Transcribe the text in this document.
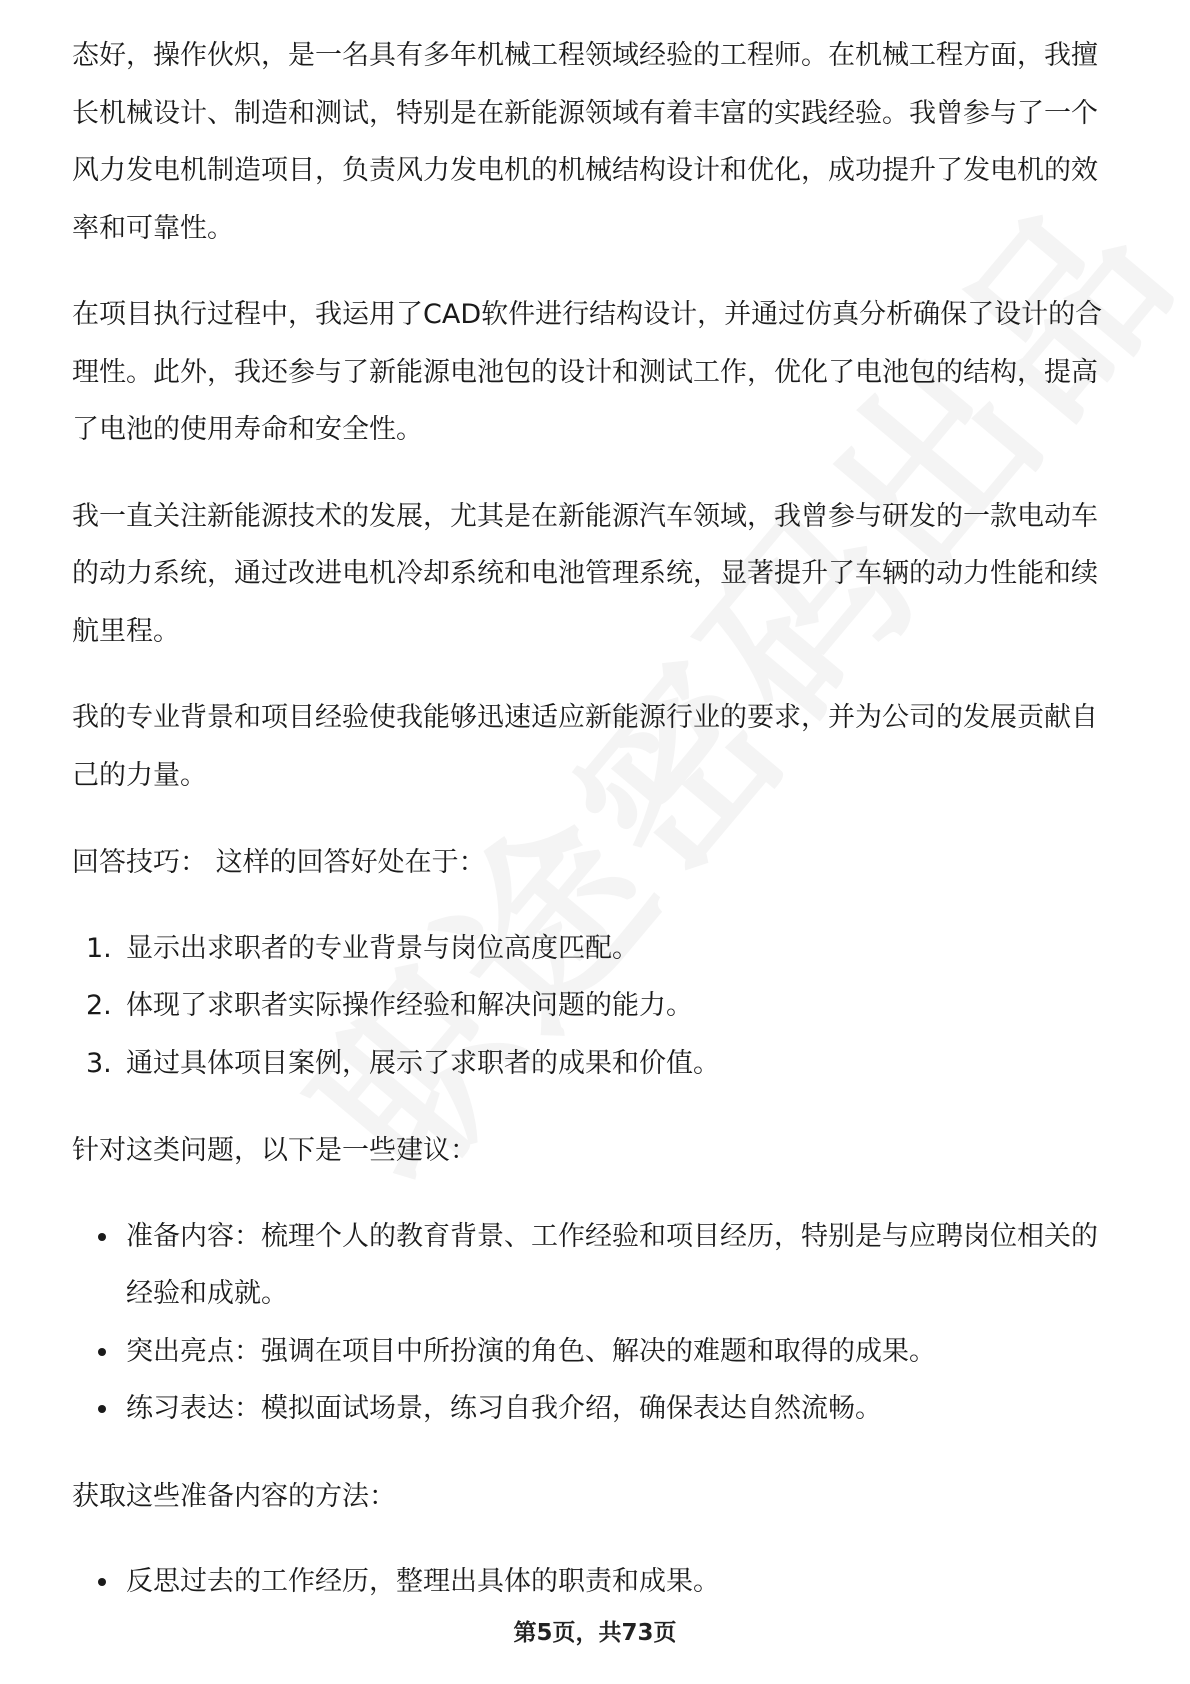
态好，操作伙炽，是一名具有多年机械工程领域经验的工程师。在机械工程方面，我擅长机械设计、制造和测试，特别是在新能源领域有着丰富的实践经验。我曾参与了一个风力发电机制造项目，负责风力发电机的机械结构设计和优化，成功提升了发电机的效率和可靠性。

在项目执行过程中，我运用了CAD软件进行结构设计，并通过仿真分析确保了设计的合理性。此外，我还参与了新能源电池包的设计和测试工作，优化了电池包的结构，提高了电池的使用寿命和安全性。

我一直关注新能源技术的发展，尤其是在新能源汽车领域，我曾参与研发的一款电动车的动力系统，通过改进电机冷却系统和电池管理系统，显著提升了车辆的动力性能和续航里程。

我的专业背景和项目经验使我能够迅速适应新能源行业的要求，并为公司的发展贡献自己的力量。

回答技巧： 这样的回答好处在于：

1. 显示出求职者的专业背景与岗位高度匹配。
2. 体现了求职者实际操作经验和解决问题的能力。
3. 通过具体项目案例，展示了求职者的成果和价值。

针对这类问题，以下是一些建议：

准备内容：梳理个人的教育背景、工作经验和项目经历，特别是与应聘岗位相关的经验和成就。
突出亮点：强调在项目中所扮演的角色、解决的难题和取得的成果。
练习表达：模拟面试场景，练习自我介绍，确保表达自然流畅。

获取这些准备内容的方法：

反思过去的工作经历，整理出具体的职责和成果。
第5页，共73页
